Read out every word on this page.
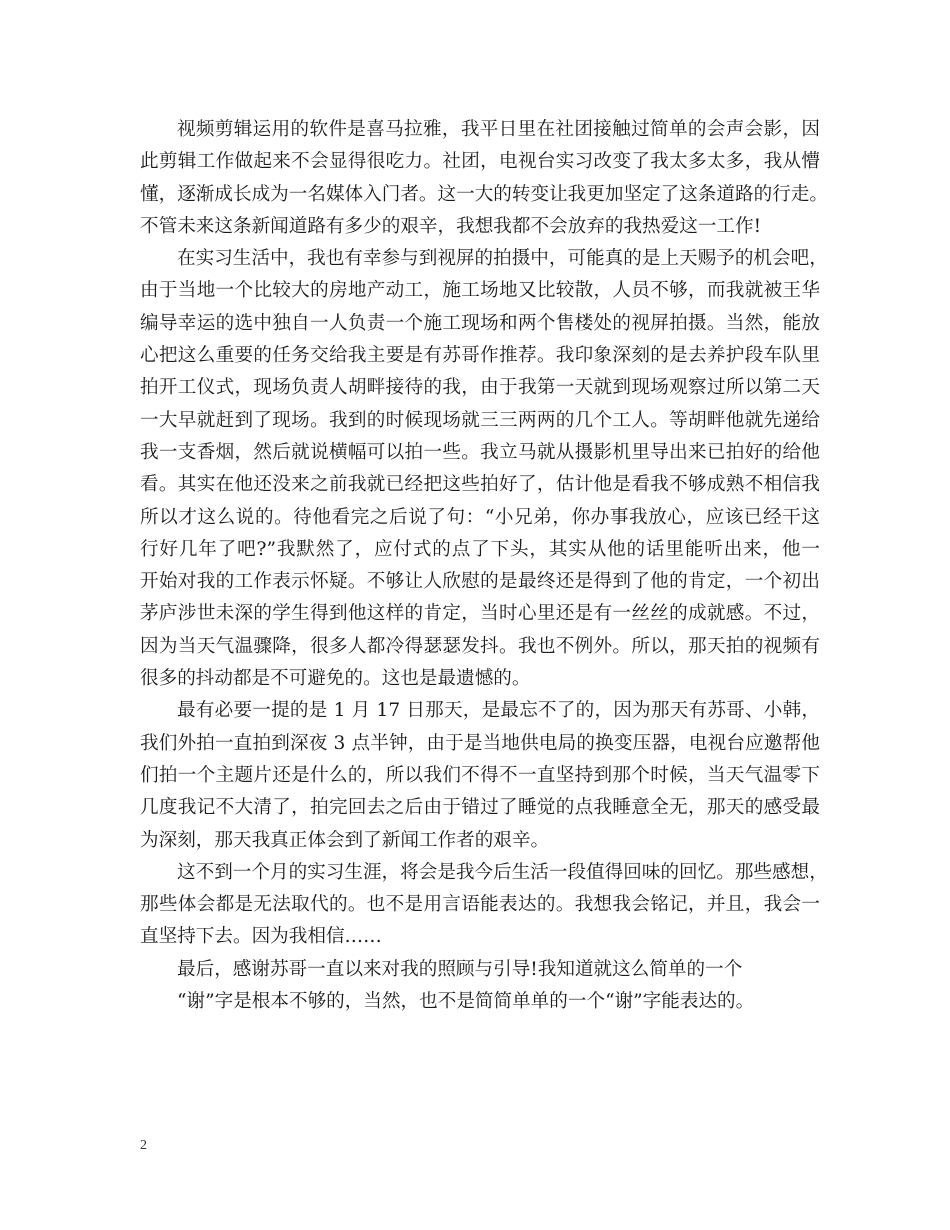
视频剪辑运用的软件是喜马拉雅，我平日里在社团接触过简单的会声会影，因
此剪辑工作做起来不会显得很吃力。社团，电视台实习改变了我太多太多，我从懵
懂，逐渐成长成为一名媒体入门者。这一大的转变让我更加坚定了这条道路的行走。
不管未来这条新闻道路有多少的艰辛，我想我都不会放弃的我热爱这一工作!
在实习生活中，我也有幸参与到视屏的拍摄中，可能真的是上天赐予的机会吧，
由于当地一个比较大的房地产动工，施工场地又比较散，人员不够，而我就被王华
编导幸运的选中独自一人负责一个施工现场和两个售楼处的视屏拍摄。当然，能放
心把这么重要的任务交给我主要是有苏哥作推荐。我印象深刻的是去养护段车队里
拍开工仪式，现场负责人胡畔接待的我，由于我第一天就到现场观察过所以第二天
一大早就赶到了现场。我到的时候现场就三三两两的几个工人。等胡畔他就先递给
我一支香烟，然后就说横幅可以拍一些。我立马就从摄影机里导出来已拍好的给他
看。其实在他还没来之前我就已经把这些拍好了，估计他是看我不够成熟不相信我
所以才这么说的。待他看完之后说了句：“小兄弟，你办事我放心，应该已经干这
行好几年了吧?”我默然了，应付式的点了下头，其实从他的话里能听出来，他一
开始对我的工作表示怀疑。不够让人欣慰的是最终还是得到了他的肯定，一个初出
茅庐涉世未深的学生得到他这样的肯定，当时心里还是有一丝丝的成就感。不过，
因为当天气温骤降，很多人都冷得瑟瑟发抖。我也不例外。所以，那天拍的视频有
很多的抖动都是不可避免的。这也是最遗憾的。
最有必要一提的是 1 月 17 日那天，是最忘不了的，因为那天有苏哥、小韩，
我们外拍一直拍到深夜 3 点半钟，由于是当地供电局的换变压器，电视台应邀帮他
们拍一个主题片还是什么的，所以我们不得不一直坚持到那个时候，当天气温零下
几度我记不大清了，拍完回去之后由于错过了睡觉的点我睡意全无，那天的感受最
为深刻，那天我真正体会到了新闻工作者的艰辛。
这不到一个月的实习生涯，将会是我今后生活一段值得回味的回忆。那些感想，
那些体会都是无法取代的。也不是用言语能表达的。我想我会铭记，并且，我会一
直坚持下去。因为我相信……
最后，感谢苏哥一直以来对我的照顾与引导!我知道就这么简单的一个
“谢”字是根本不够的，当然，也不是简简单单的一个“谢”字能表达的。
2
